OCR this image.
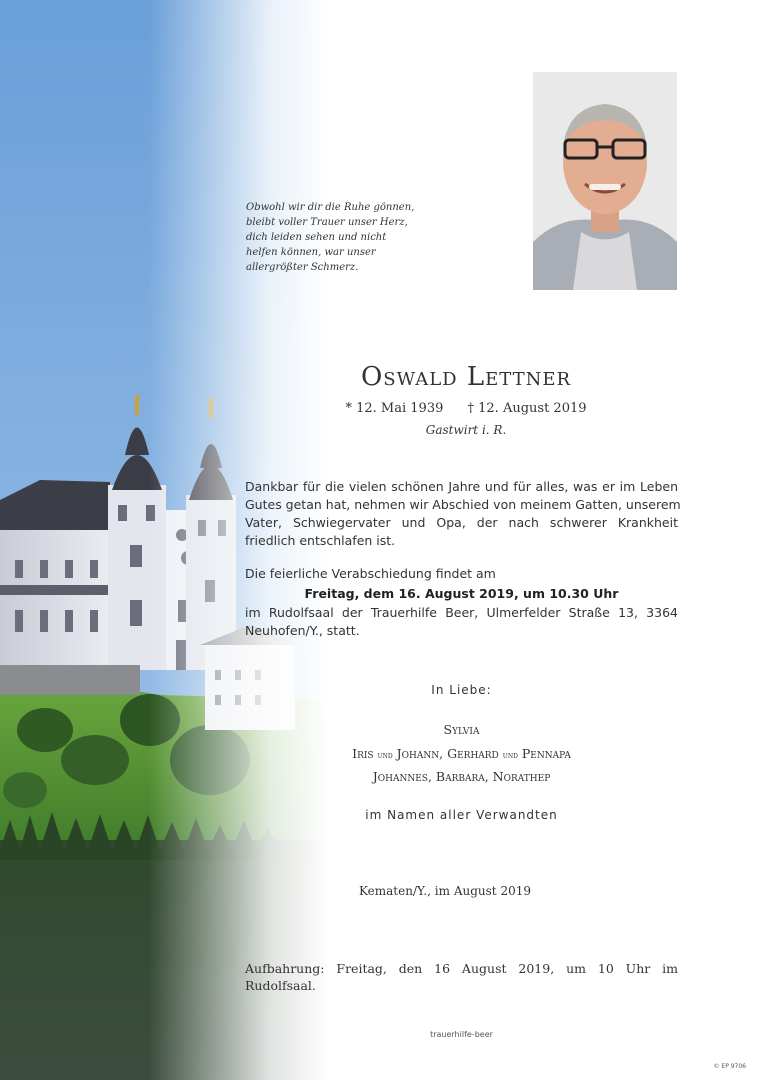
Obwohl wir dir die Ruhe gönnen,
bleibt voller Trauer unser Herz,
dich leiden sehen und nicht
helfen können, war unser
allergrößter Schmerz.
Oswald Lettner
* 12. Mai 1939 † 12. August 2019
Gastwirt i. R.
Dankbar für die vielen schönen Jahre und für alles, was er im Leben
Gutes getan hat, nehmen wir Abschied von meinem Gatten, unserem
Vater, Schwiegervater und Opa, der nach schwerer Krankheit
friedlich entschlafen ist.
Die feierliche Verabschiedung findet am
Freitag, dem 16. August 2019, um 10.30 Uhr
im Rudolfsaal der Trauerhilfe Beer, Ulmerfelder Straße 13, 3364
Neuhofen/Y., statt.
In Liebe:
Sylvia
Iris und Johann, Gerhard und Pennapa
Johannes, Barbara, Norathep
im Namen aller Verwandten
Kematen/Y., im August 2019
Aufbahrung: Freitag, den 16 August 2019, um 10 Uhr im
Rudolfsaal.
trauerhilfe-beer
© EP 9706
